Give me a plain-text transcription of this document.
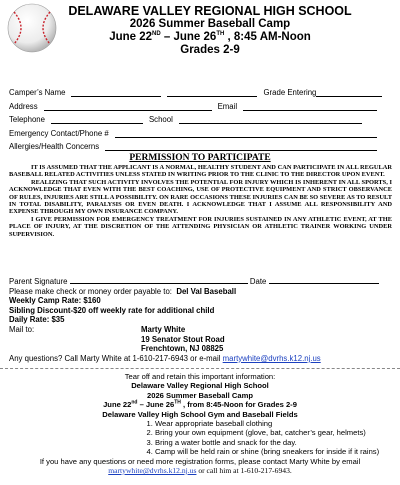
DELAWARE VALLEY REGIONAL HIGH SCHOOL
2026 Summer Baseball Camp
June 22ND – June 26TH , 8:45 AM-Noon
Grades 2-9
Camper’s Name	Grade Entering
Address	Email
Telephone	School
Emergency Contact/Phone #
Allergies/Health Concerns
PERMISSION TO PARTICIPATE

IT IS ASSUMED THAT THE APPLICANT IS A NORMAL, HEALTHY STUDENT AND CAN PARTICIPATE IN ALL REGULAR BASEBALL RELATED ACTIVITIES UNLESS STATED IN WRITING PRIOR TO THE CLINIC TO THE DIRECTOR UPON EVENT.

REALIZING THAT SUCH ACTIVITY INVOLVES THE POTENTIAL FOR INJURY WHICH IS INHERENT IN ALL SPORTS, I ACKNOWLEDGE THAT EVEN WITH THE BEST COACHING, USE OF PROTECTIVE EQUIPMENT AND STRICT OBSERVANCE OF RULES, INJURIES ARE STILL A POSSIBILITY. ON RARE OCCASIONS THESE INJURIES CAN BE SO SEVERE AS TO RESULT IN TOTAL DISABILITY, PARALYSIS OR EVEN DEATH. I ACKNOWLEDGE THAT I ASSUME ALL RESPONSIBILITY AND EXPENSE THROUGH MY OWN INSURANCE COMPANY.

I GIVE PERMISSION FOR EMERGENCY TREATMENT FOR INJURIES SUSTAINED IN ANY ATHLETIC EVENT, AT THE PLACE OF INJURY, AT THE DISCRETION OF THE ATTENDING PHYSICIAN OR ATHLETIC TRAINER WORKING UNDER SUPERVISION.

Parent Signature	Date
Please make check or money order payable to: Del Val Baseball
Weekly Camp Rate: $160
Sibling Discount-$20 off weekly rate for additional child
Daily Rate: $35
Mail to:	Marty White
19 Senator Stout Road
Frenchtown, NJ 08825
Any questions? Call Marty White at 1-610-217-6943 or e-mail martywhite@dvrhs.k12.nj.us
Tear off and retain this important information:
Delaware Valley Regional High School
2026 Summer Baseball Camp
June 22nd – June 26TH , from 8:45-Noon for Grades 2-9
Delaware Valley High School Gym and Baseball Fields
1. Wear appropriate baseball clothing
2. Bring your own equipment (glove, bat, catcher’s gear, helmets)
3. Bring a water bottle and snack for the day.
4. Camp will be held rain or shine (bring sneakers for inside if it rains)
If you have any questions or need more registration forms, please contact Marty White by email
martywhite@dvrhs.k12.nj.us or call him at 1-610-217-6943.
